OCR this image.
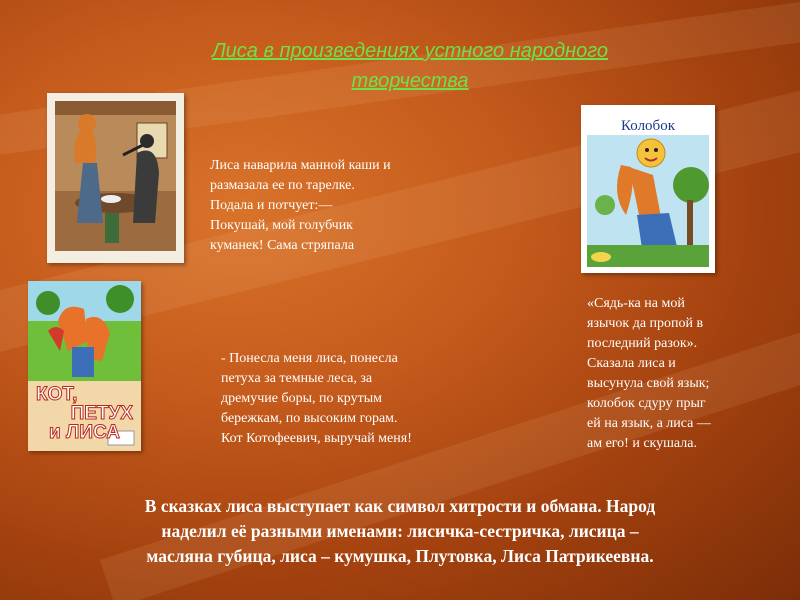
Лиса в произведениях устного народного
творчества
Лиса наварила манной каши и
размазала ее по тарелке.
Подала и потчует:—
Покушай, мой голубчик
куманек! Сама стряпала
Колобок
КОТ,
ПЕТУХ
и ЛИСА
- Понесла меня лиса, понесла
петуха за темные леса, за
дремучие боры, по крутым
бережкам, по высоким горам.
Кот Котофеевич, выручай меня!
«Сядь-ка на мой
язычок да пропой в
последний разок».
Сказала лиса и
высунула свой язык;
колобок сдуру прыг
ей на язык, а лиса —
ам его! и скушала.
В сказках лиса выступает как символ хитрости и обмана. Народ
наделил её разными именами: лисичка-сестричка, лисица –
масляна губица, лиса – кумушка, Плутовка, Лиса Патрикеевна.
